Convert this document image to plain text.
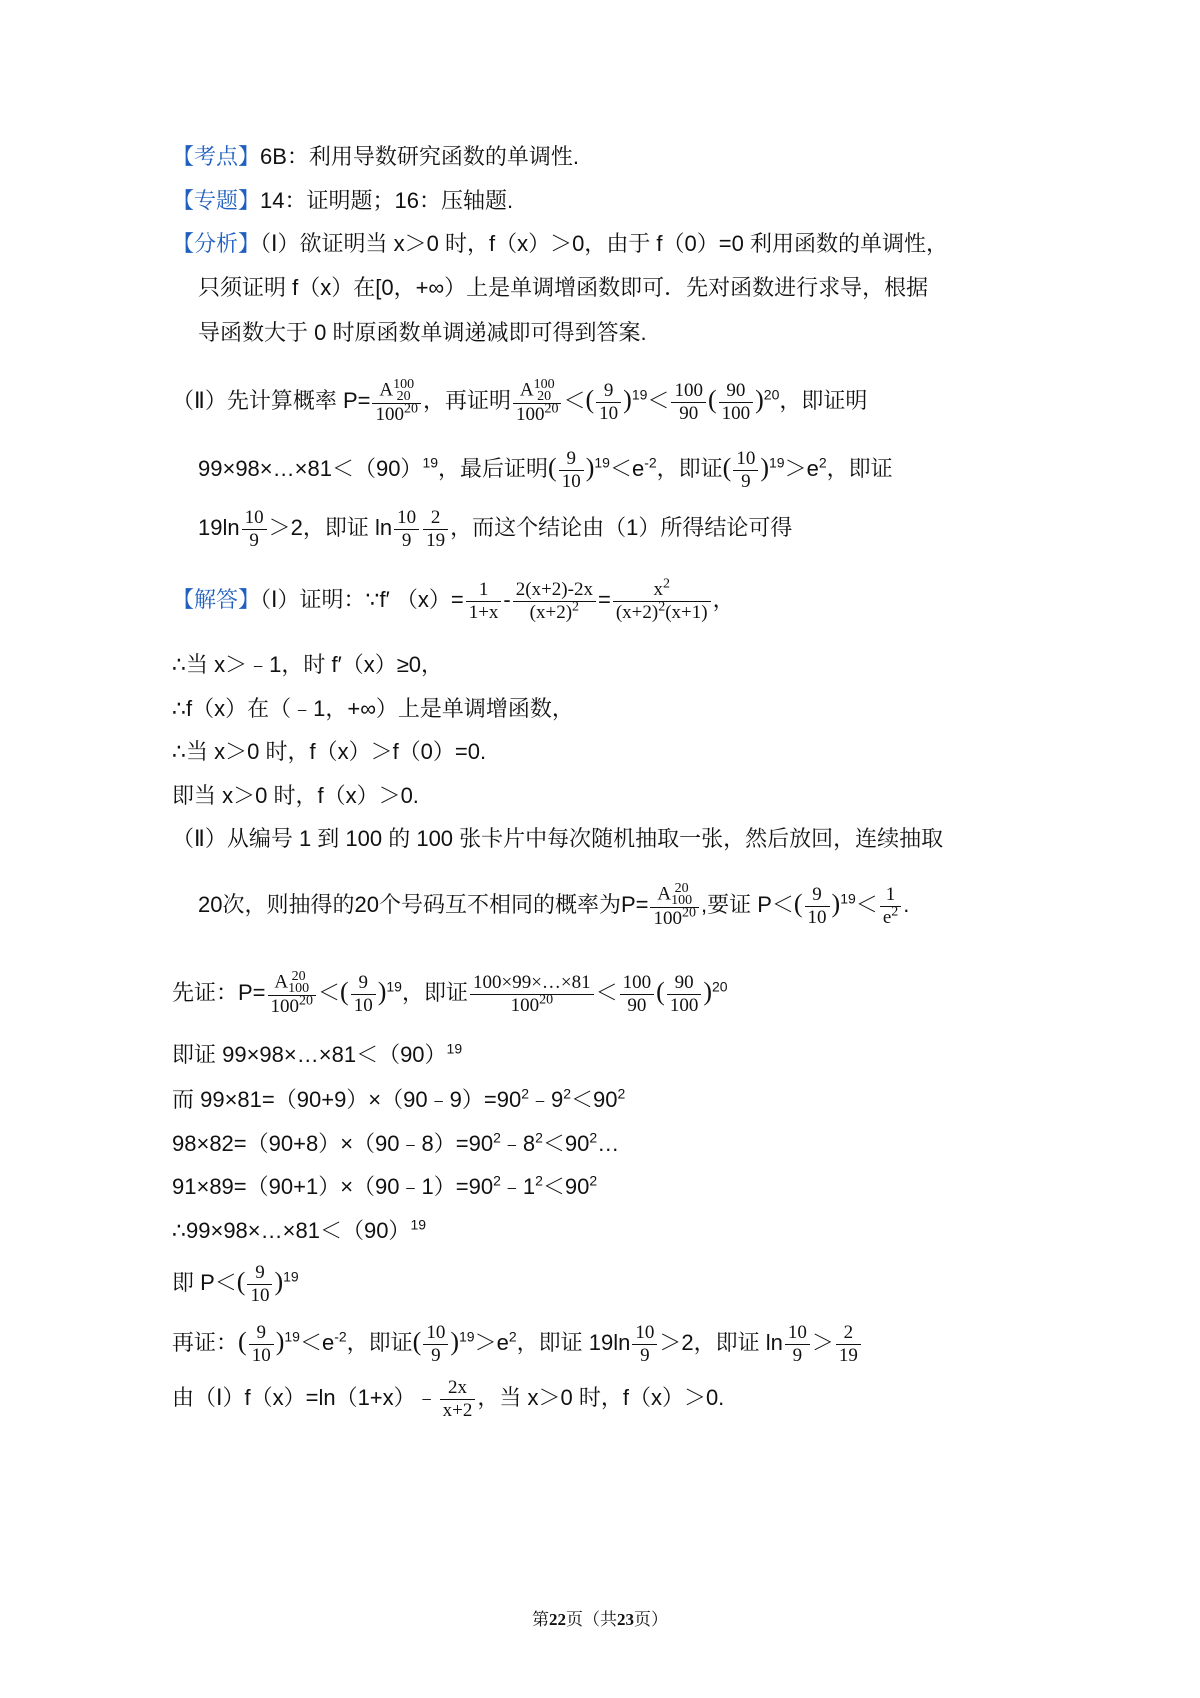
【考点】6B：利用导数研究函数的单调性.
【专题】14：证明题；16：压轴题.
【分析】（Ⅰ）欲证明当 x＞0 时，f（x）＞0，由于 f（0）=0 利用函数的单调性，
只须证明 f（x）在[0，+∞）上是单调增函数即可．先对函数进行求导，根据
导函数大于 0 时原函数单调递减即可得到答案.
（Ⅱ）先计算概率 P= A 100
20
$100^{20}$ ，再证明 A 100
20
$100^{20}$ ＜( $\frac{9}{10} )^{19}< \frac{100}{90}$ ( $\frac{90}{100} )^{20}$，即证明
$99\times 98\times\dots\times 81<(90)^{19}$，最后证明( $\frac{9}{10} )^{19}<e^{-2}$，即证( $\frac{10}{9} )^{19}>e^2$，即证
$19\ln \frac{10}{9} >2$，即证 $\ln \frac{10}{9} \frac{2}{19}$ ，而这个结论由（1）所得结论可得
【解答】（Ⅰ）证明：∵f′ $(x)= \frac{1}{1+x} - \frac{2(x+2)-2x}{(x+2)^2} = \frac{x^2}{(x+2)^2(x+1)}$ ，
∴当 x＞﹣1，时 f′（x）≥0，
∴f（x）在（﹣1，+∞）上是单调增函数，
∴当 x＞0 时，f（x）＞f（0）=0.
即当 x＞0 时，f（x）＞0.
（Ⅱ）从编号 1 到 100 的 100 张卡片中每次随机抽取一张，然后放回，连续抽取
20次，则抽得的20个号码互不相同的概率为P= A 20
100
$100^{20}$ ,要证 $P<( \frac{9}{10} )^{19}< \frac{1}{e^2}$ .
先证：P= A 20
100
$100^{20}$ ＜( $\frac{9}{10} )^{19}$，即证 $\frac{100\times 99\times\dots\times 81}{100^{20}} < \frac{100}{90}$ ( $\frac{90}{100} )^{20}$
即证 $99\times 98\times\dots\times 81<(90)^{19}$
而 $99\times 81=(90+9)\times(90﹣9)=90^2﹣9^2<90^2$
$98\times 82=(90+8)\times(90﹣8)=90^2﹣8^2<90^2\dots$
$91\times 89=(90+1)\times(90﹣1)=90^2﹣1^2<90^2$
$\therefore 99\times 98\times\dots\times 81<(90)^{19}$
即 $P<( \frac{9}{10} )^{19}$
再证：( $\frac{9}{10} )^{19}<e^{-2}$，即证( $\frac{10}{9} )^{19}>e^2$，即证 $19\ln \frac{10}{9} >2$，即证 $\ln \frac{10}{9} > \frac{2}{19}$
由（Ⅰ）f（x）=ln（1+x）﹣ $\frac{2x}{x+2}$ ，当 x＞0 时，f（x）＞0.
第22页（共23页）
